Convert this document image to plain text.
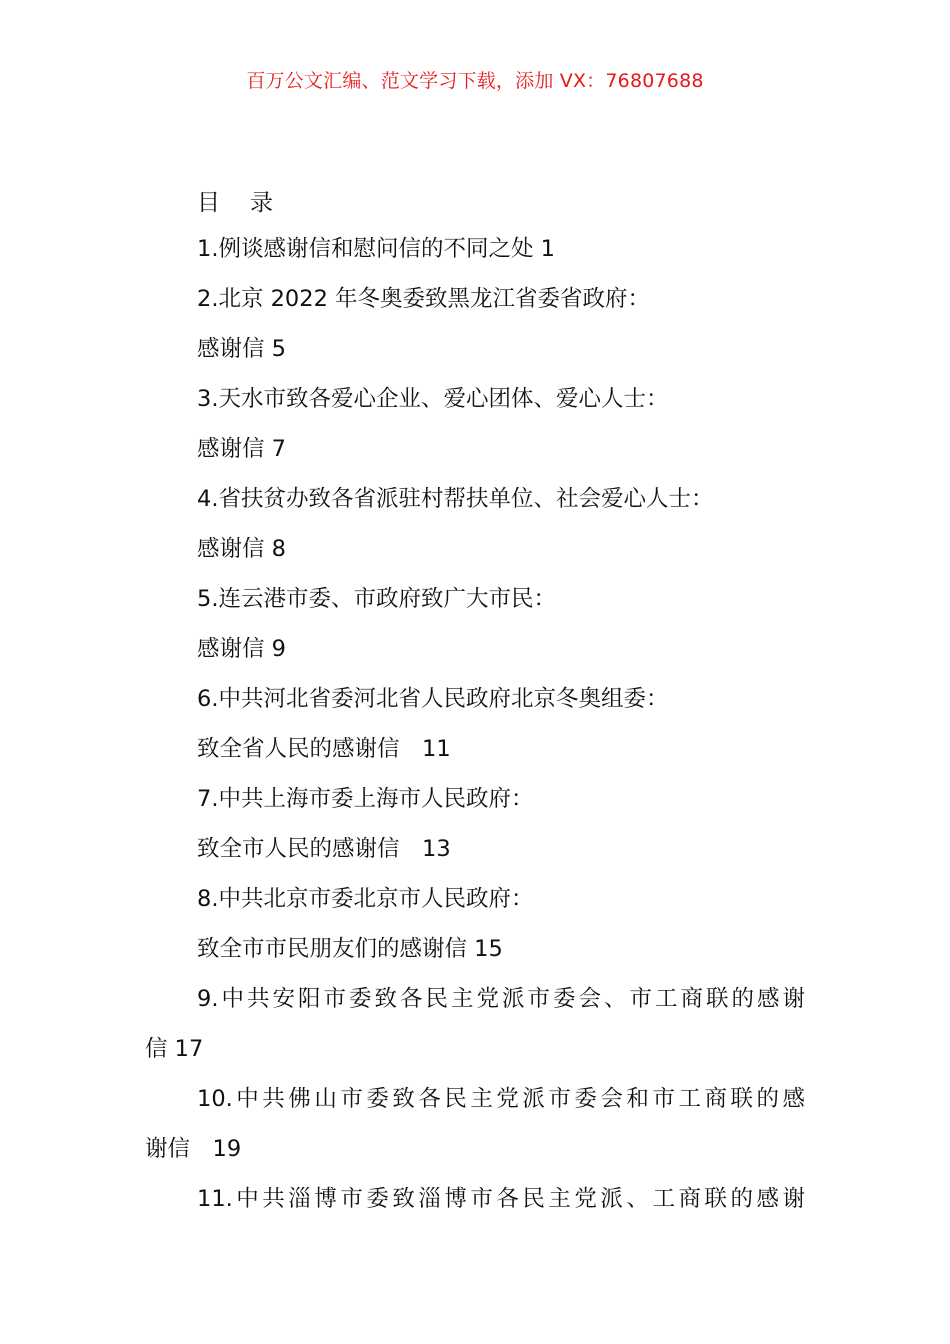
百万公文汇编、范文学习下载，添加 VX：76807688
目 录
1.例谈感谢信和慰问信的不同之处 1
2.北京 2022 年冬奥委致黑龙江省委省政府：
感谢信 5
3.天水市致各爱心企业、爱心团体、爱心人士：
感谢信 7
4.省扶贫办致各省派驻村帮扶单位、社会爱心人士：
感谢信 8
5.连云港市委、市政府致广大市民：
感谢信 9
6.中共河北省委河北省人民政府北京冬奥组委：
致全省人民的感谢信　11
7.中共上海市委上海市人民政府：
致全市人民的感谢信　13
8.中共北京市委北京市人民政府：
致全市市民朋友们的感谢信 15
9.中共安阳市委致各民主党派市委会、市工商联的感谢
信 17
10.中共佛山市委致各民主党派市委会和市工商联的感
谢信　19
11.中共淄博市委致淄博市各民主党派、工商联的感谢
